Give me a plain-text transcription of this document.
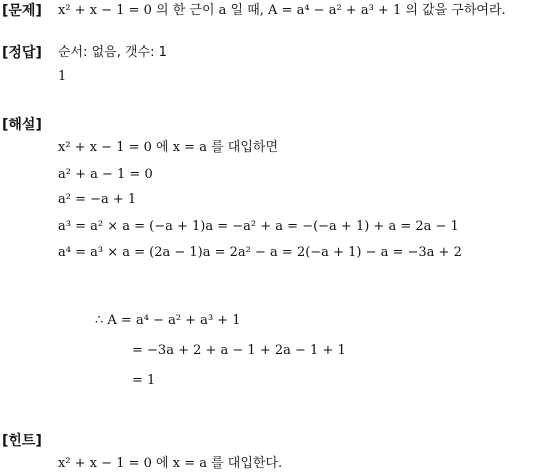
[문제] x² + x − 1 = 0 의 한 근이 a 일 때, A = a⁴ − a² + a³ + 1 의 값을 구하여라.
[정답] 순서: 없음, 갯수: 1
1
[해설]
x² + x − 1 = 0 에 x = a 를 대입하면
a² + a − 1 = 0
a² = −a + 1
a³ = a² × a = (−a + 1)a = −a² + a = −(−a + 1) + a = 2a − 1
a⁴ = a³ × a = (2a − 1)a = 2a² − a = 2(−a + 1) − a = −3a + 2
∴ A = a⁴ − a² + a³ + 1
= −3a + 2 + a − 1 + 2a − 1 + 1
= 1
[힌트]
x² + x − 1 = 0 에 x = a 를 대입한다.
